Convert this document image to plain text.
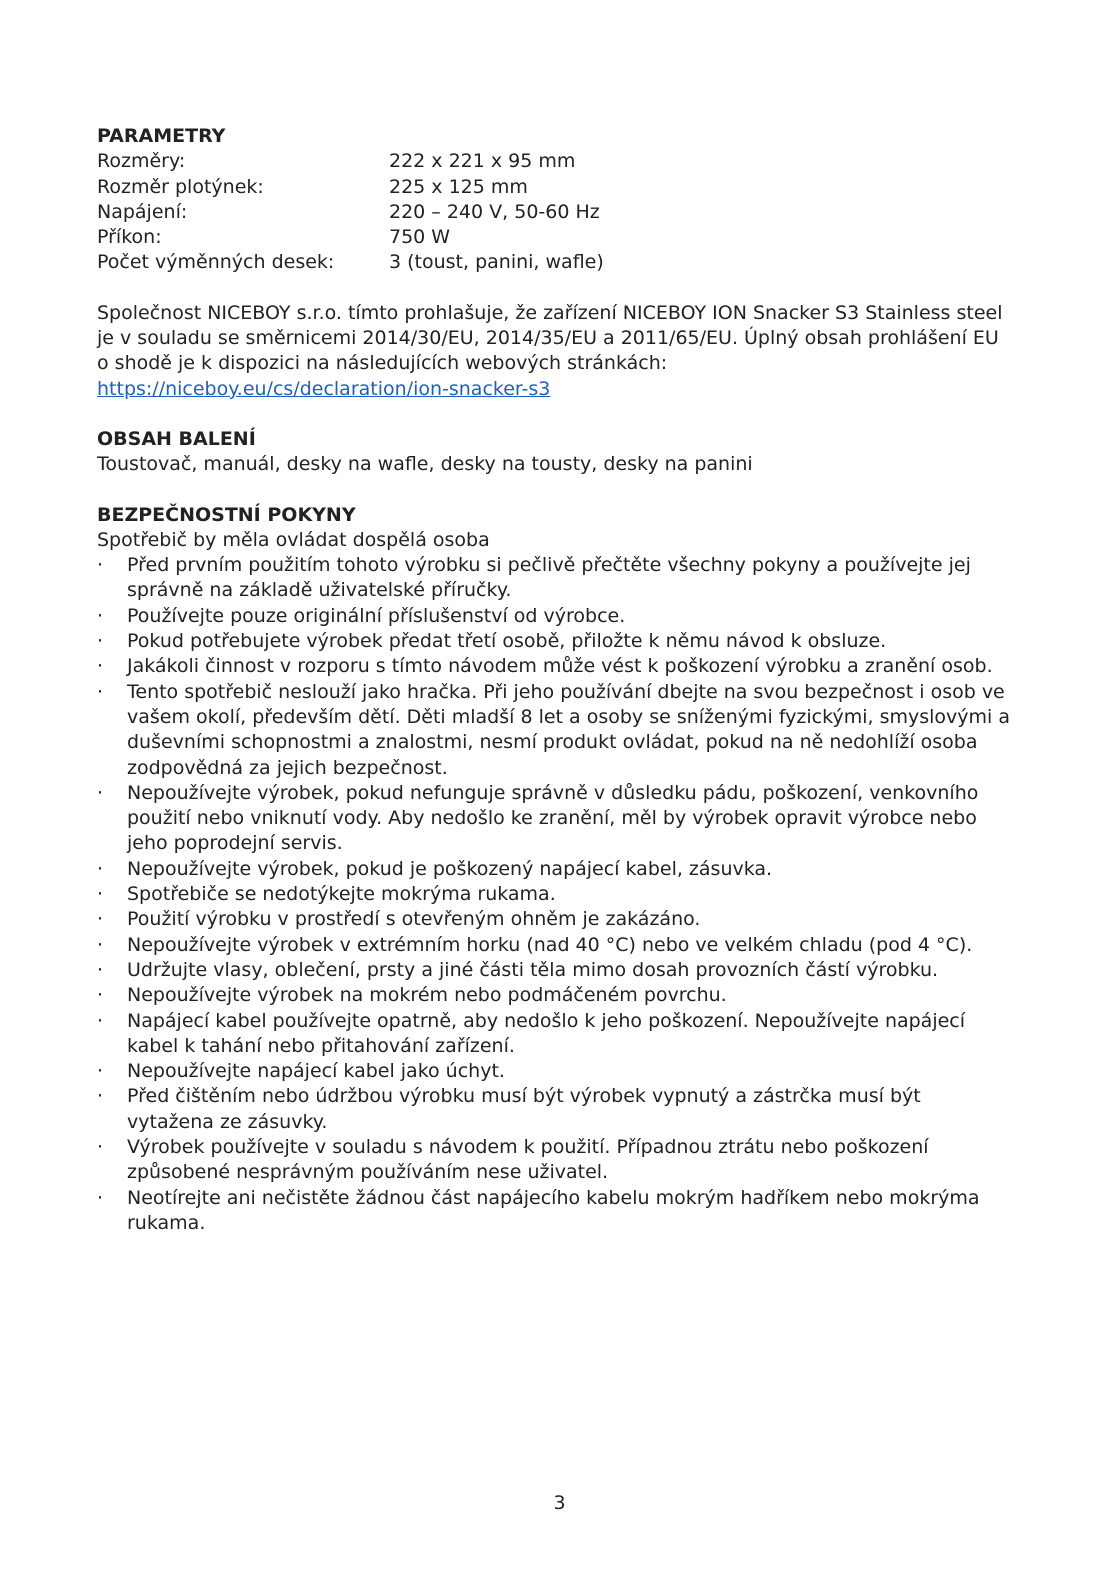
PARAMETRY
Rozměry:	222 x 221 x 95 mm
Rozměr plotýnek:	225 x 125 mm
Napájení:	220 – 240 V, 50-60 Hz
Příkon:	750 W
Počet výměnných desek:	3 (toust, panini, wafle)

Společnost NICEBOY s.r.o. tímto prohlašuje, že zařízení NICEBOY ION Snacker S3 Stainless steel je v souladu se směrnicemi 2014/30/EU, 2014/35/EU a 2011/65/EU. Úplný obsah prohlášení EU o shodě je k dispozici na následujících webových stránkách:
https://niceboy.eu/cs/declaration/ion-snacker-s3

OBSAH BALENÍ

Toustovač, manuál, desky na wafle, desky na tousty, desky na panini

BEZPEČNOSTNÍ POKYNY

Spotřebič by měla ovládat dospělá osoba

·	Před prvním použitím tohoto výrobku si pečlivě přečtěte všechny pokyny a používejte jej správně na základě uživatelské příručky.
·	Používejte pouze originální příslušenství od výrobce.
·	Pokud potřebujete výrobek předat třetí osobě, přiložte k němu návod k obsluze.
·	Jakákoli činnost v rozporu s tímto návodem může vést k poškození výrobku a zranění osob.
·	Tento spotřebič neslouží jako hračka. Při jeho používání dbejte na svou bezpečnost i osob ve vašem okolí, především dětí. Děti mladší 8 let a osoby se sníženými fyzickými, smyslovými a duševními schopnostmi a znalostmi, nesmí produkt ovládat, pokud na ně nedohlíží osoba zodpovědná za jejich bezpečnost.
·	Nepoužívejte výrobek, pokud nefunguje správně v důsledku pádu, poškození, venkovního použití nebo vniknutí vody. Aby nedošlo ke zranění, měl by výrobek opravit výrobce nebo jeho poprodejní servis.
·	Nepoužívejte výrobek, pokud je poškozený napájecí kabel, zásuvka.
·	Spotřebiče se nedotýkejte mokrýma rukama.
·	Použití výrobku v prostředí s otevřeným ohněm je zakázáno.
·	Nepoužívejte výrobek v extrémním horku (nad 40 °C) nebo ve velkém chladu (pod 4 °C).
·	Udržujte vlasy, oblečení, prsty a jiné části těla mimo dosah provozních částí výrobku.
·	Nepoužívejte výrobek na mokrém nebo podmáčeném povrchu.
·	Napájecí kabel používejte opatrně, aby nedošlo k jeho poškození. Nepoužívejte napájecí kabel k tahání nebo přitahování zařízení.
·	Nepoužívejte napájecí kabel jako úchyt.
·	Před čištěním nebo údržbou výrobku musí být výrobek vypnutý a zástrčka musí být vytažena ze zásuvky.
·	Výrobek používejte v souladu s návodem k použití. Případnou ztrátu nebo poškození způsobené nesprávným používáním nese uživatel.
·	Neotírejte ani nečistěte žádnou část napájecího kabelu mokrým hadříkem nebo mokrýma rukama.
3
